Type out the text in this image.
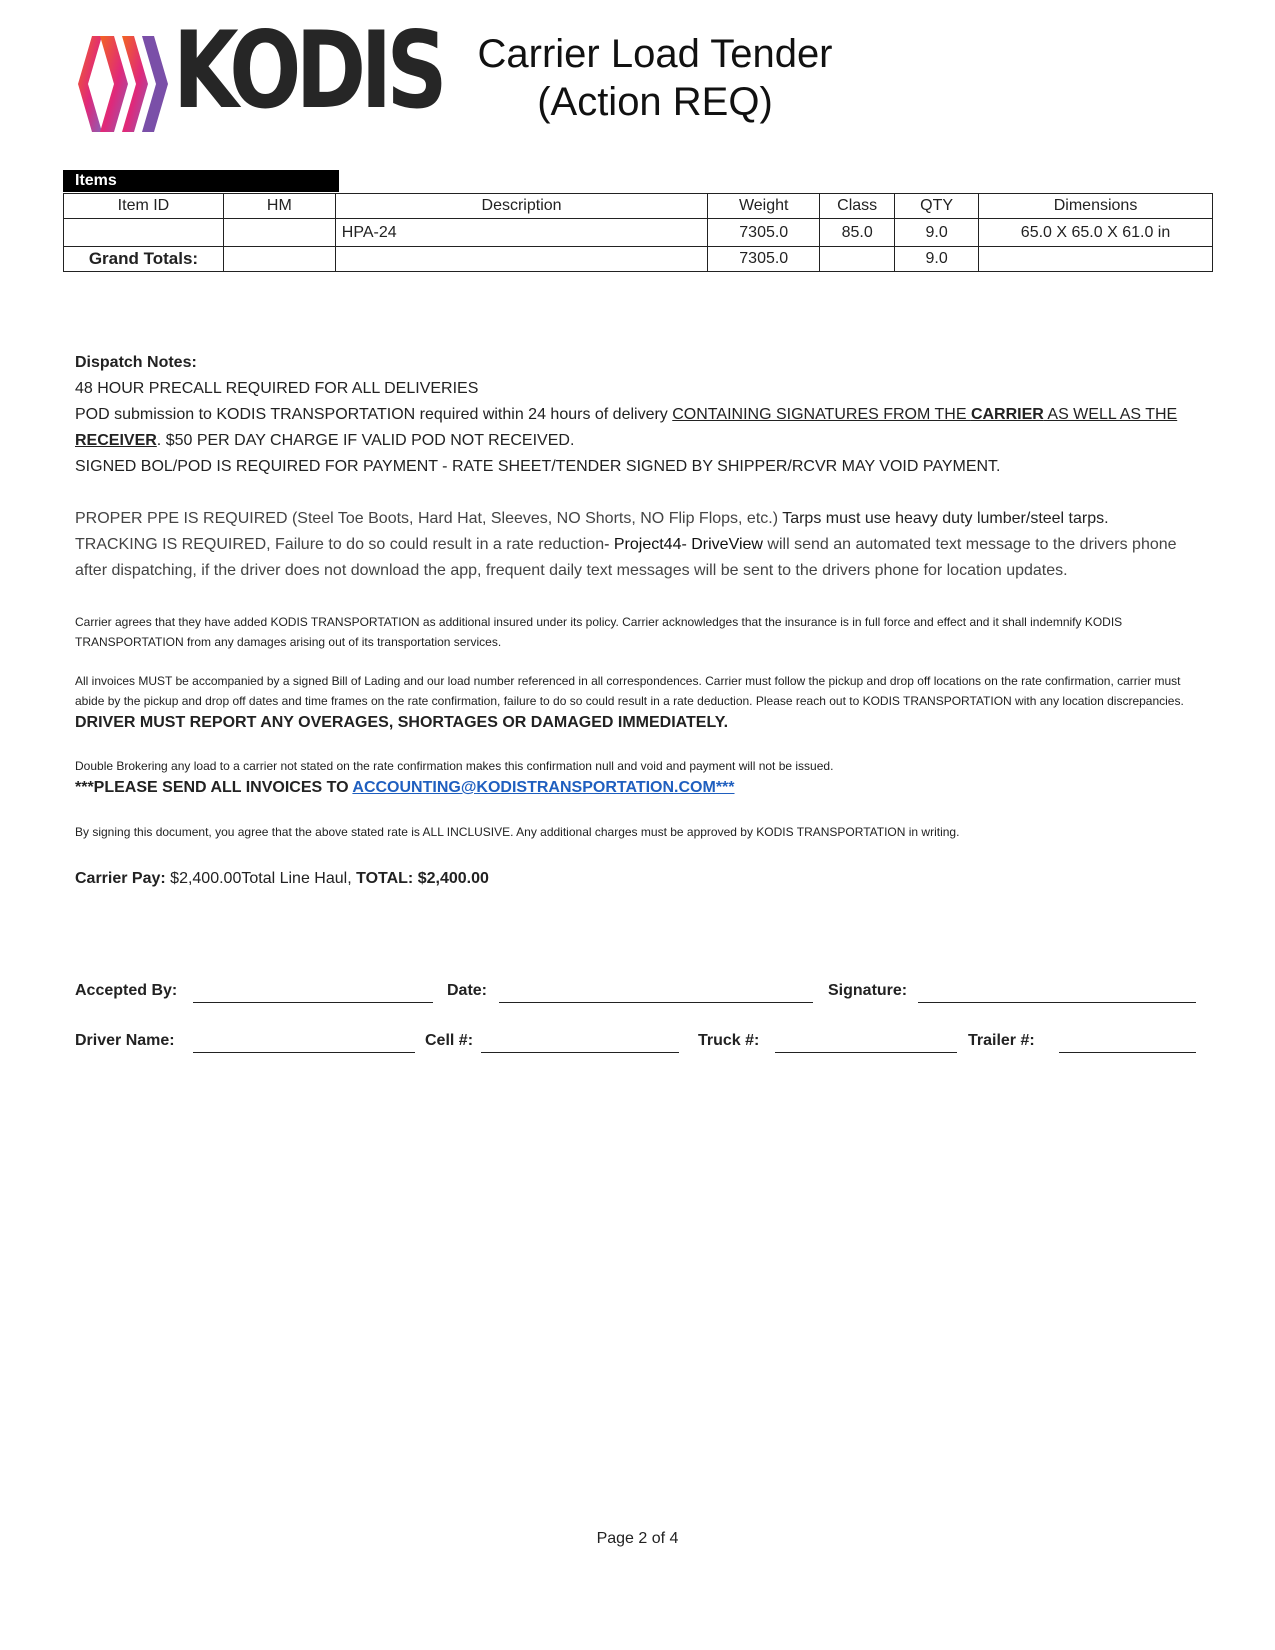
KODIS Carrier Load Tender
(Action REQ)
Items
Item ID	HM	Description	Weight	Class	QTY	Dimensions
		HPA-24	7305.0	85.0	9.0	65.0 X 65.0 X 61.0 in
Grand Totals:			7305.0		9.0	

Dispatch Notes:

48 HOUR PRECALL REQUIRED FOR ALL DELIVERIES

POD submission to KODIS TRANSPORTATION required within 24 hours of delivery CONTAINING SIGNATURES FROM THE CARRIER AS WELL AS THE RECEIVER. $50 PER DAY CHARGE IF VALID POD NOT RECEIVED.

SIGNED BOL/POD IS REQUIRED FOR PAYMENT - RATE SHEET/TENDER SIGNED BY SHIPPER/RCVR MAY VOID PAYMENT.

PROPER PPE IS REQUIRED (Steel Toe Boots, Hard Hat, Sleeves, NO Shorts, NO Flip Flops, etc.) Tarps must use heavy duty lumber/steel tarps.

TRACKING IS REQUIRED, Failure to do so could result in a rate reduction- Project44- DriveView will send an automated text message to the drivers phone after dispatching, if the driver does not download the app, frequent daily text messages will be sent to the drivers phone for location updates.

Carrier agrees that they have added KODIS TRANSPORTATION as additional insured under its policy. Carrier acknowledges that the insurance is in full force and effect and it shall indemnify KODIS TRANSPORTATION from any damages arising out of its transportation services.

All invoices MUST be accompanied by a signed Bill of Lading and our load number referenced in all correspondences. Carrier must follow the pickup and drop off locations on the rate confirmation, carrier must abide by the pickup and drop off dates and time frames on the rate confirmation, failure to do so could result in a rate deduction. Please reach out to KODIS TRANSPORTATION with any location discrepancies.

DRIVER MUST REPORT ANY OVERAGES, SHORTAGES OR DAMAGED IMMEDIATELY.

Double Brokering any load to a carrier not stated on the rate confirmation makes this confirmation null and void and payment will not be issued.

***PLEASE SEND ALL INVOICES TO ACCOUNTING@KODISTRANSPORTATION.COM***

By signing this document, you agree that the above stated rate is ALL INCLUSIVE. Any additional charges must be approved by KODIS TRANSPORTATION in writing.

Carrier Pay: $2,400.00Total Line Haul, TOTAL: $2,400.00

Accepted By:	Date:	Signature:
Driver Name:	Cell #:	Truck #:	Trailer #:
Page 2 of 4
